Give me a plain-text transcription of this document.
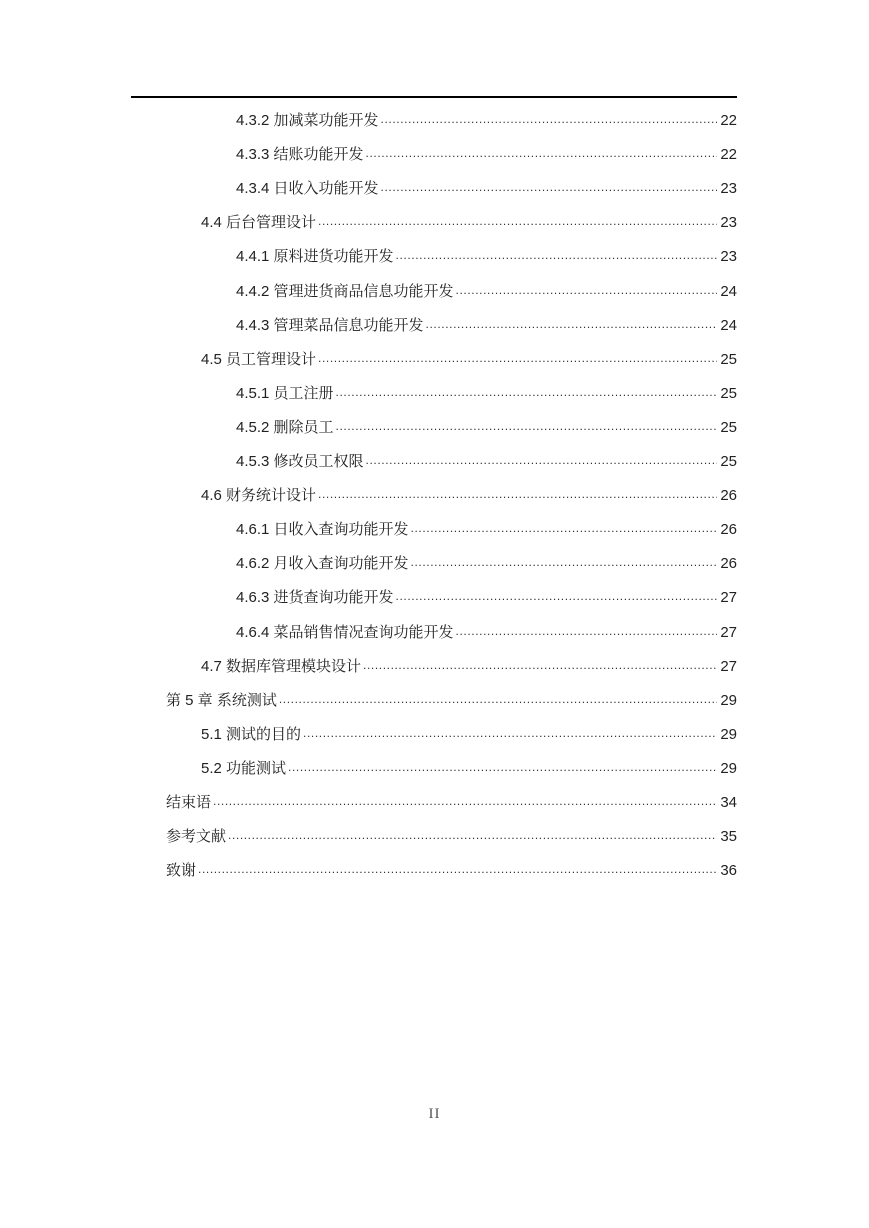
4.3.2 加减菜功能开发 .....	22
4.3.3 结账功能开发 .....	22
4.3.4 日收入功能开发 .....	23
4.4 后台管理设计 .....	23
4.4.1 原料进货功能开发 .....	23
4.4.2 管理进货商品信息功能开发 .....	24
4.4.3 管理菜品信息功能开发 .....	24
4.5 员工管理设计 .....	25
4.5.1 员工注册 .....	25
4.5.2 删除员工 .....	25
4.5.3 修改员工权限 .....	25
4.6 财务统计设计 .....	26
4.6.1 日收入查询功能开发 .....	26
4.6.2 月收入查询功能开发 .....	26
4.6.3 进货查询功能开发 .....	27
4.6.4 菜品销售情况查询功能开发 .....	27
4.7 数据库管理模块设计 .....	27
第 5 章 系统测试 .....	29
5.1 测试的目的 .....	29
5.2 功能测试 .....	29
结束语 .....	34
参考文献 .....	35
致谢 .....	36
II
